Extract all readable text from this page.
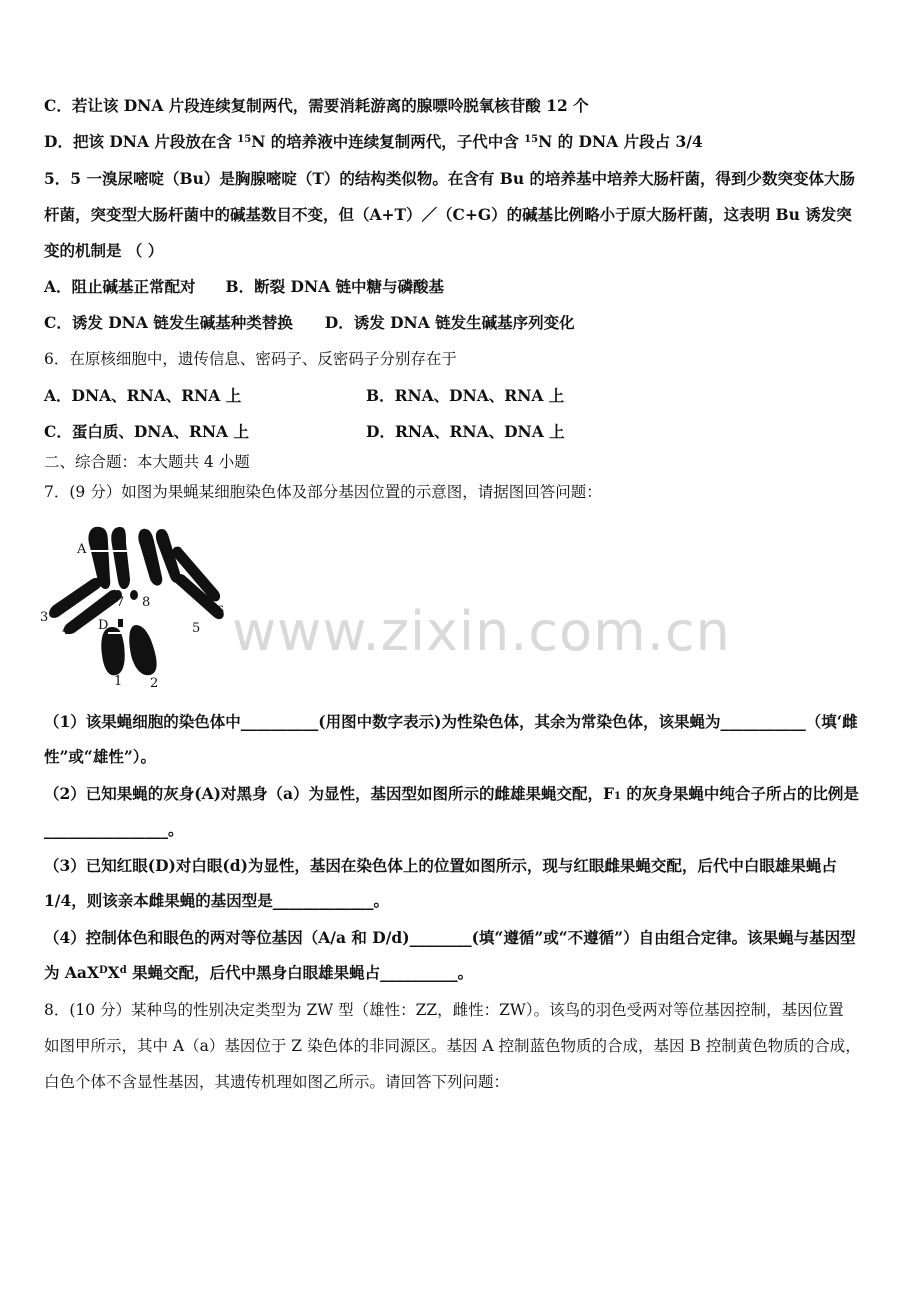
C．若让该 DNA 片段连续复制两代，需要消耗游离的腺嘌呤脱氧核苷酸 12 个
D．把该 DNA 片段放在含 $^{15}$N 的培养液中连续复制两代，子代中含 $^{15}$N 的 DNA 片段占 3/4
5．5 一溴尿嘧啶（Bu）是胸腺嘧啶（T）的结构类似物。在含有 Bu 的培养基中培养大肠杆菌，得到少数突变体大肠
杆菌，突变型大肠杆菌中的碱基数目不变，但（A+T）／（C+G）的碱基比例略小于原大肠杆菌，这表明 Bu 诱发突
变的机制是 （ ）
A．阻止碱基正常配对 B．断裂 DNA 链中糖与磷酸基
C．诱发 DNA 链发生碱基种类替换 D．诱发 DNA 链发生碱基序列变化
6．在原核细胞中，遗传信息、密码子、反密码子分别存在于
A．DNA、RNA、RNA 上	B．RNA、DNA、RNA 上
C．蛋白质、DNA、RNA 上	D．RNA、RNA、DNA 上
二、综合题：本大题共 4 小题
7．(9 分）如图为果蝇某细胞染色体及部分基因位置的示意图，请据图回答问题：
A
D
1 2
3
4	5
6
7 8 www.zixin.com.cn
（1）该果蝇细胞的染色体中__________(用图中数字表示)为性染色体，其余为常染色体，该果蝇为___________（填‘雌
性”或“雄性”）。
（2）已知果蝇的灰身(A)对黑身（a）为显性，基因型如图所示的雌雄果蝇交配，F1 的灰身果蝇中纯合子所占的比例是
________________。
（3）已知红眼(D)对白眼(d)为显性，基因在染色体上的位置如图所示，现与红眼雌果蝇交配，后代中白眼雄果蝇占
1/4，则该亲本雌果蝇的基因型是_____________。
（4）控制体色和眼色的两对等位基因（A/a 和 D/d)________(填“遵循”或“不遵循”）自由组合定律。该果蝇与基因型
为 $AaX^DX^d$ 果蝇交配，后代中黑身白眼雄果蝇占__________。
8．(10 分）某种鸟的性别决定类型为 ZW 型（雄性：ZZ，雌性：ZW）。该鸟的羽色受两对等位基因控制，基因位置
如图甲所示，其中 A（a）基因位于 Z 染色体的非同源区。基因 A 控制蓝色物质的合成，基因 B 控制黄色物质的合成，
白色个体不含显性基因，其遗传机理如图乙所示。请回答下列问题：
